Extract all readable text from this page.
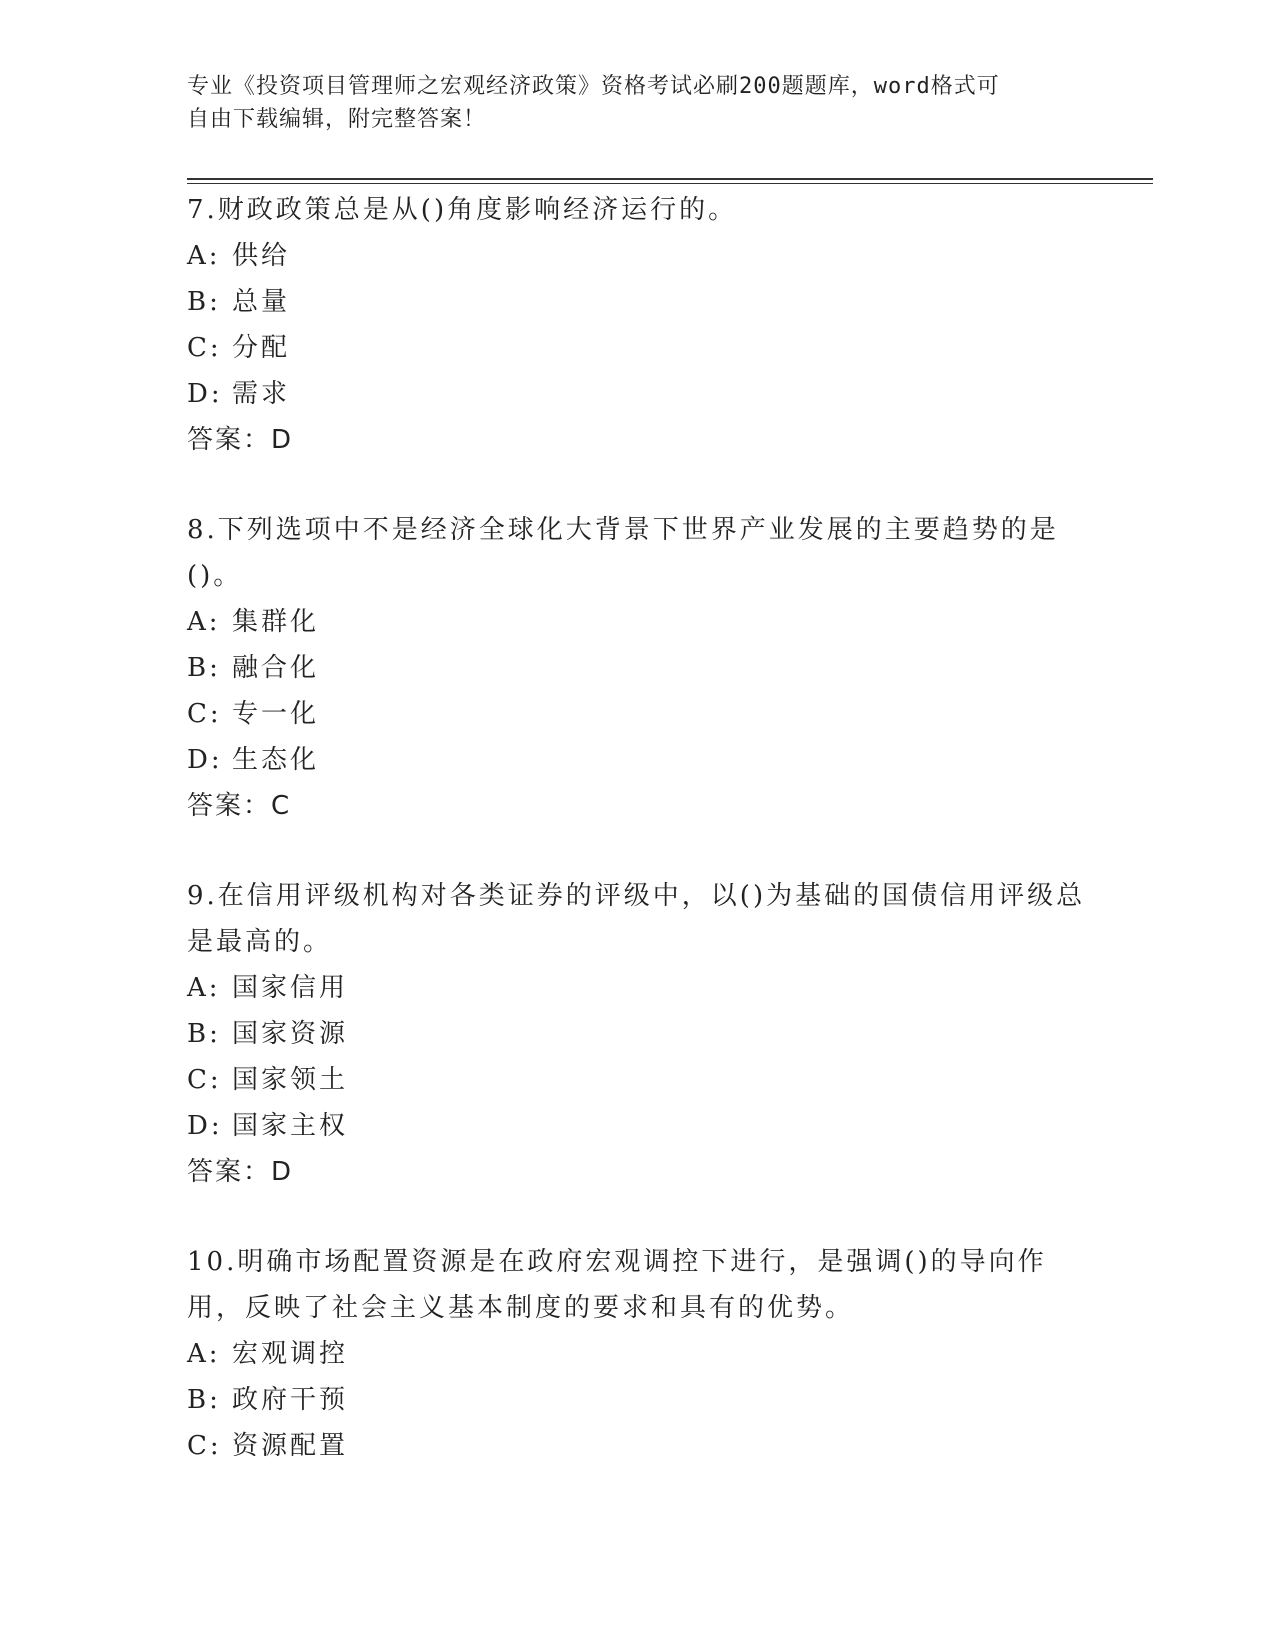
专业《投资项目管理师之宏观经济政策》资格考试必刷200题题库，word格式可
自由下载编辑，附完整答案！
7.财政政策总是从()角度影响经济运行的。
A: 供给
B: 总量
C: 分配
D: 需求
答案：D
8.下列选项中不是经济全球化大背景下世界产业发展的主要趋势的是()。
A: 集群化
B: 融合化
C: 专一化
D: 生态化
答案：C
9.在信用评级机构对各类证券的评级中，以()为基础的国债信用评级总是最高的。
A: 国家信用
B: 国家资源
C: 国家领土
D: 国家主权
答案：D
10.明确市场配置资源是在政府宏观调控下进行，是强调()的导向作用，反映了社会主义基本制度的要求和具有的优势。
A: 宏观调控
B: 政府干预
C: 资源配置
